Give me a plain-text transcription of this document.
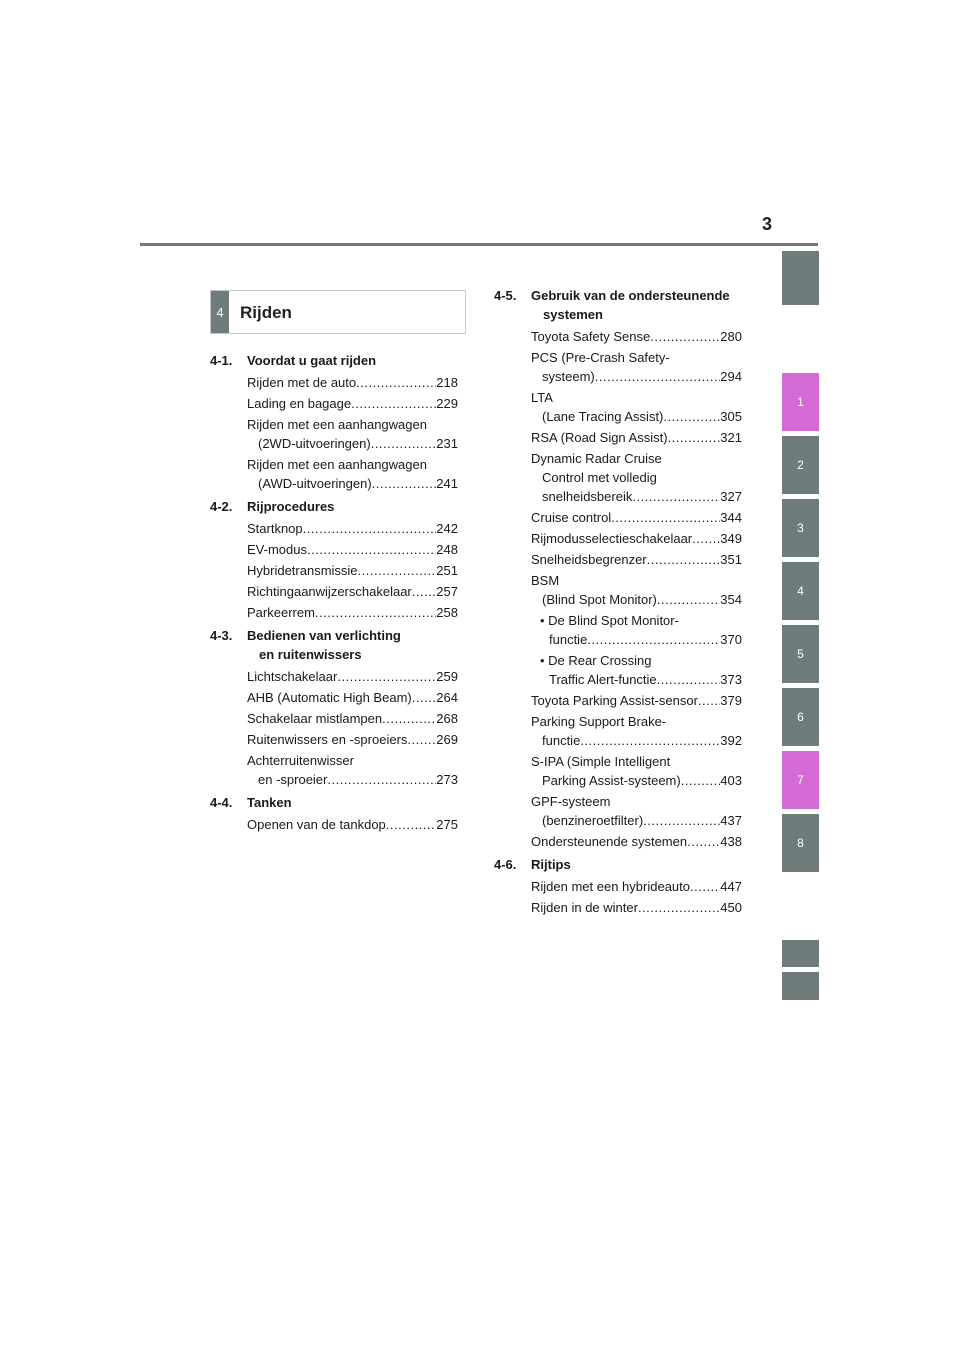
3
4 Rijden
4-1.	Voordat u gaat rijden
Rijden met de auto .....	218
Lading en bagage .....	229
Rijden met een aanhangwagen
(2WD-uitvoeringen) .....	231
Rijden met een aanhangwagen
(AWD-uitvoeringen) .....	241
4-2.	Rijprocedures
Startknop .....	242
EV-modus .....	248
Hybridetransmissie .....	251
Richtingaanwijzerschakelaar ..... 257
Parkeerrem .....	258
4-3.	Bedienen van verlichting
en ruitenwissers
Lichtschakelaar .....	259
AHB (Automatic High Beam) ..... 264
Schakelaar mistlampen .....	268
Ruitenwissers en -sproeiers ..... 269
Achterruitenwisser
en -sproeier .....	273
4-4.	Tanken
Openen van de tankdop .....	275
4-5.	Gebruik van de ondersteunende
systemen
Toyota Safety Sense .....	280
PCS (Pre-Crash Safety-
systeem) .....	294
LTA
(Lane Tracing Assist) .....	305
RSA (Road Sign Assist) .....	321
Dynamic Radar Cruise
Control met volledig
snelheidsbereik .....	327
Cruise control .....	344
Rijmodusselectieschakelaar ..... 349
Snelheidsbegrenzer .....	351
BSM
(Blind Spot Monitor) .....	354
• De Blind Spot Monitor-
functie .....	370
• De Rear Crossing
Traffic Alert-functie .....	373
Toyota Parking Assist-sensor ..... 379
Parking Support Brake-
functie .....	392
S-IPA (Simple Intelligent
Parking Assist-systeem) .....	403
GPF-systeem
(benzineroetfilter) .....	437
Ondersteunende systemen .....	438
4-6.	Rijtips
Rijden met een hybrideauto ..... 447
Rijden in de winter .....	450
1
2
3
4
5
6
7
8
